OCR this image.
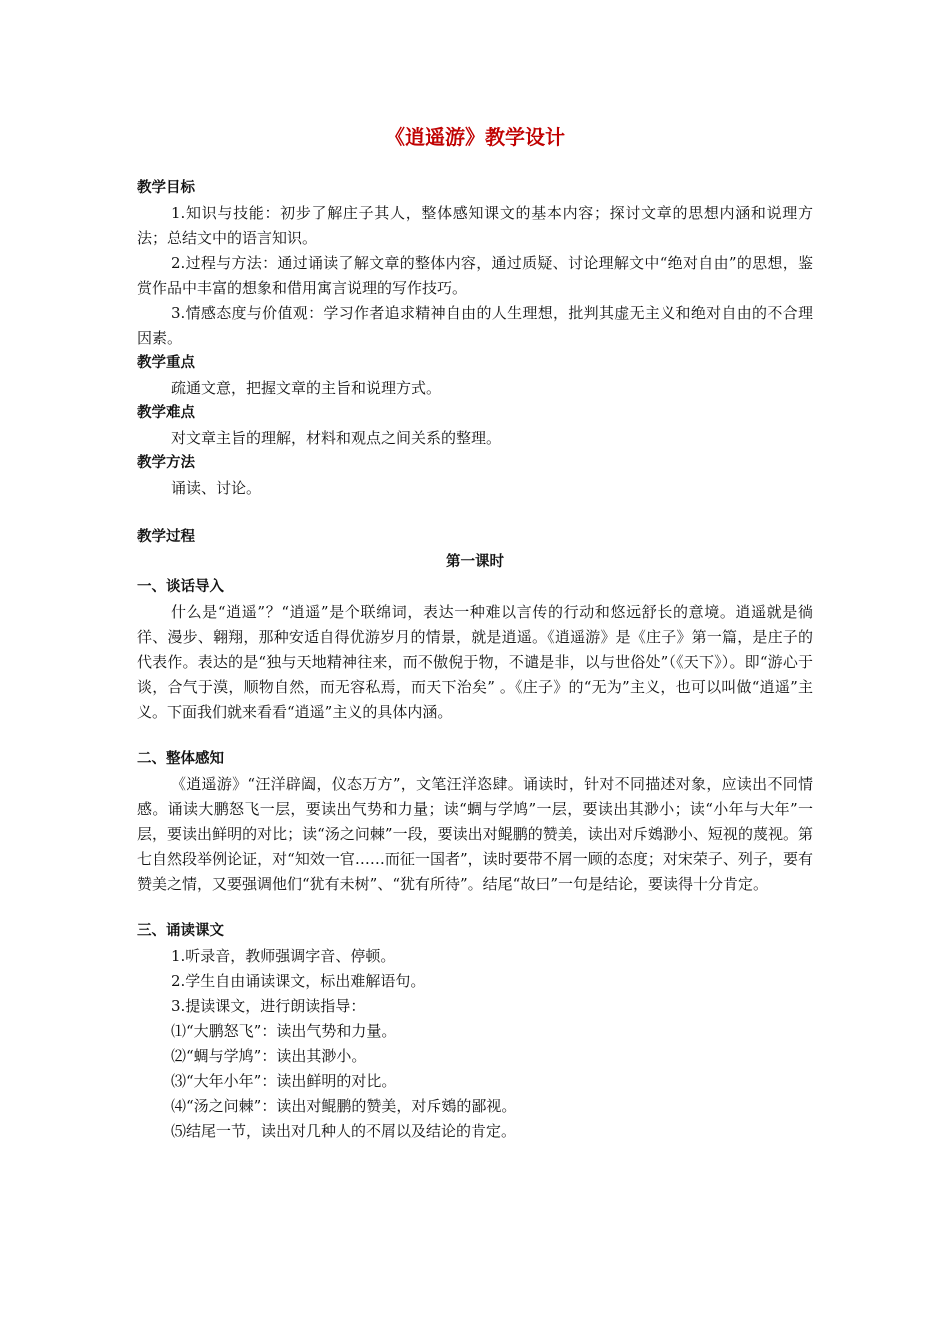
《逍遥游》教学设计
教学目标
1.知识与技能：初步了解庄子其人，整体感知课文的基本内容；探讨文章的思想内涵和说理方法；总结文中的语言知识。
2.过程与方法：通过诵读了解文章的整体内容，通过质疑、讨论理解文中“绝对自由”的思想，鉴赏作品中丰富的想象和借用寓言说理的写作技巧。
3.情感态度与价值观：学习作者追求精神自由的人生理想，批判其虚无主义和绝对自由的不合理因素。
教学重点
疏通文意，把握文章的主旨和说理方式。
教学难点
对文章主旨的理解，材料和观点之间关系的整理。
教学方法
诵读、讨论。
教学过程
第一课时
一、谈话导入
什么是“逍遥”？“逍遥”是个联绵词，表达一种难以言传的行动和悠远舒长的意境。逍遥就是徜徉、漫步、翱翔，那种安适自得优游岁月的情景，就是逍遥。《逍遥游》是《庄子》第一篇，是庄子的代表作。表达的是“独与天地精神往来，而不傲倪于物，不谴是非，以与世俗处”（《天下》）。即“游心于谈，合气于漠，顺物自然，而无容私焉，而天下治矣” 。《庄子》的“无为”主义，也可以叫做“逍遥”主义。下面我们就来看看“逍遥”主义的具体内涵。
二、整体感知
《逍遥游》“汪洋辟阖，仪态万方”，文笔汪洋恣肆。诵读时，针对不同描述对象，应读出不同情感。诵读大鹏怒飞一层，要读出气势和力量；读“蜩与学鸠”一层，要读出其渺小；读“小年与大年”一层，要读出鲜明的对比；读“汤之问棘”一段，要读出对鲲鹏的赞美，读出对斥鴳渺小、短视的蔑视。第七自然段举例论证，对“知效一官……而征一国者”，读时要带不屑一顾的态度；对宋荣子、列子，要有赞美之情，又要强调他们“犹有未树”、“犹有所待”。结尾“故曰”一句是结论，要读得十分肯定。
三、诵读课文
1.听录音，教师强调字音、停顿。
2.学生自由诵读课文，标出难解语句。
3.提读课文，进行朗读指导：
⑴“大鹏怒飞”：读出气势和力量。
⑵“蜩与学鸠”：读出其渺小。
⑶“大年小年”：读出鲜明的对比。
⑷“汤之问棘”：读出对鲲鹏的赞美，对斥鴳的鄙视。
⑸结尾一节，读出对几种人的不屑以及结论的肯定。
